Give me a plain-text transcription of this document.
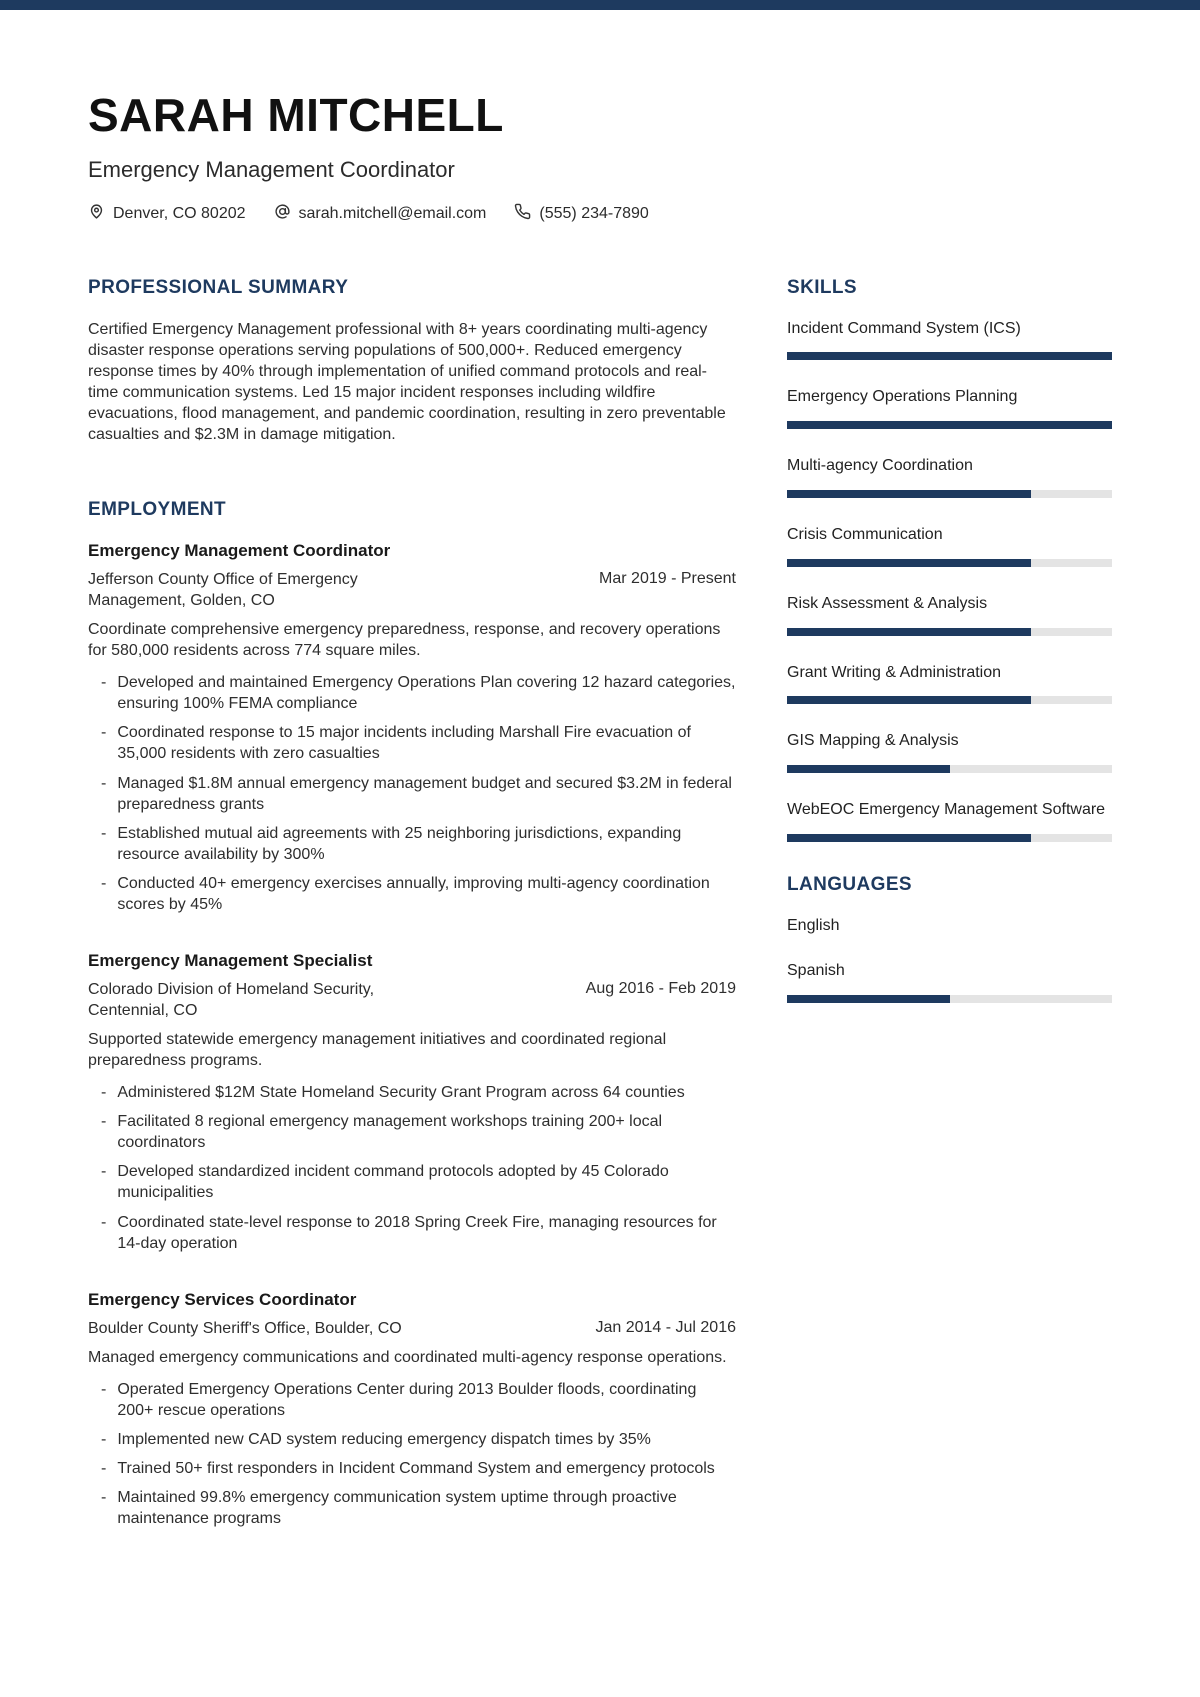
SARAH MITCHELL
Emergency Management Coordinator
Denver, CO 80202	sarah.mitchell@email.com	(555) 234-7890
PROFESSIONAL SUMMARY
Certified Emergency Management professional with 8+ years coordinating multi-agency disaster response operations serving populations of 500,000+. Reduced emergency response times by 40% through implementation of unified command protocols and real-time communication systems. Led 15 major incident responses including wildfire evacuations, flood management, and pandemic coordination, resulting in zero preventable casualties and $2.3M in damage mitigation.
EMPLOYMENT
Emergency Management Coordinator
Jefferson County Office of Emergency Management, Golden, CO
Mar 2019 - Present
Coordinate comprehensive emergency preparedness, response, and recovery operations for 580,000 residents across 774 square miles.
- Developed and maintained Emergency Operations Plan covering 12 hazard categories, ensuring 100% FEMA compliance
- Coordinated response to 15 major incidents including Marshall Fire evacuation of 35,000 residents with zero casualties
- Managed $1.8M annual emergency management budget and secured $3.2M in federal preparedness grants
- Established mutual aid agreements with 25 neighboring jurisdictions, expanding resource availability by 300%
- Conducted 40+ emergency exercises annually, improving multi-agency coordination scores by 45%
Emergency Management Specialist
Colorado Division of Homeland Security, Centennial, CO
Aug 2016 - Feb 2019
Supported statewide emergency management initiatives and coordinated regional preparedness programs.
- Administered $12M State Homeland Security Grant Program across 64 counties
- Facilitated 8 regional emergency management workshops training 200+ local coordinators
- Developed standardized incident command protocols adopted by 45 Colorado municipalities
- Coordinated state-level response to 2018 Spring Creek Fire, managing resources for 14-day operation
Emergency Services Coordinator
Boulder County Sheriff's Office, Boulder, CO	Jan 2014 - Jul 2016
Managed emergency communications and coordinated multi-agency response operations.
- Operated Emergency Operations Center during 2013 Boulder floods, coordinating 200+ rescue operations
- Implemented new CAD system reducing emergency dispatch times by 35%
- Trained 50+ first responders in Incident Command System and emergency protocols
- Maintained 99.8% emergency communication system uptime through proactive maintenance programs
SKILLS
Incident Command System (ICS)
Emergency Operations Planning
Multi-agency Coordination
Crisis Communication
Risk Assessment & Analysis
Grant Writing & Administration
GIS Mapping & Analysis
WebEOC Emergency Management Software
LANGUAGES
English
Spanish
